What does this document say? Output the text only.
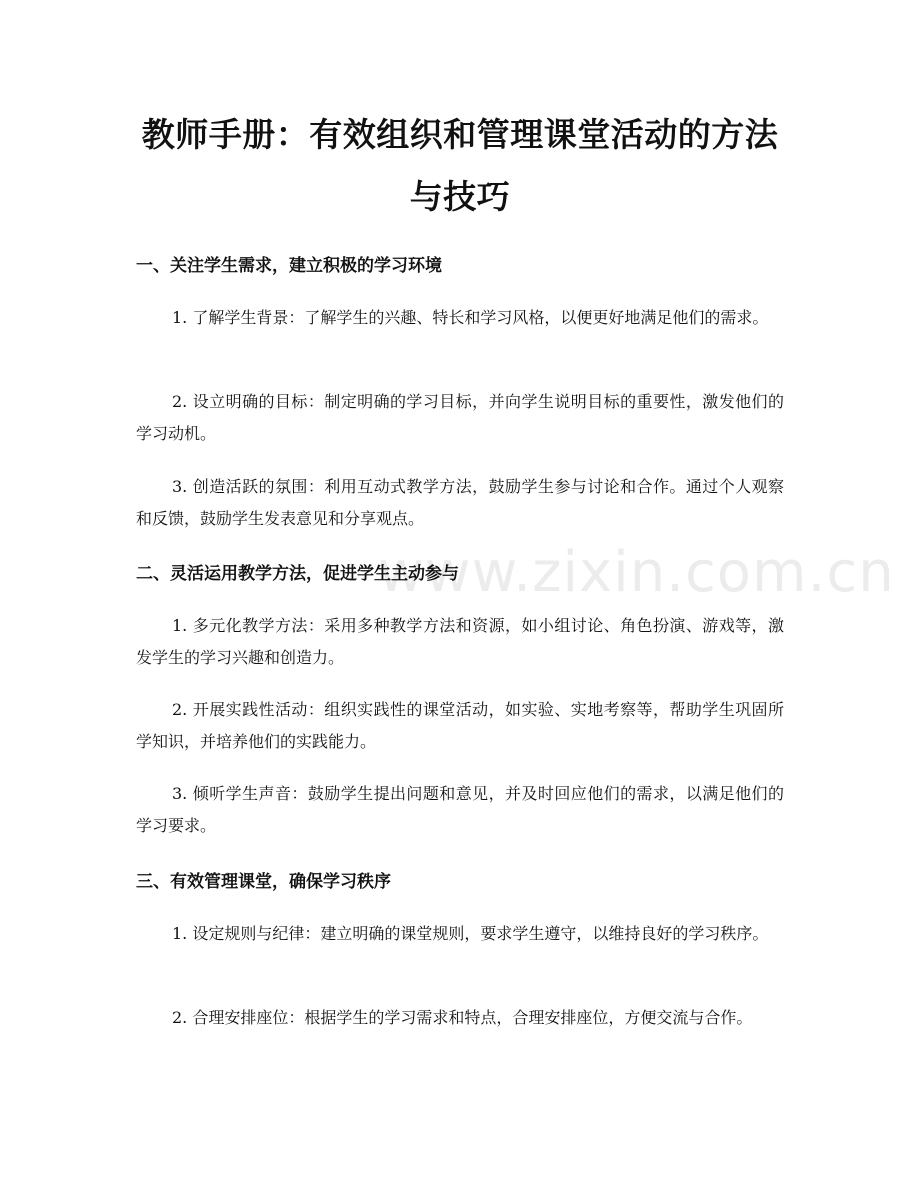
教师手册：有效组织和管理课堂活动的方法与技巧
www.zixin.com.cn
一、关注学生需求，建立积极的学习环境

1. 了解学生背景：了解学生的兴趣、特长和学习风格，以便更好地满足他们的需求。

2. 设立明确的目标：制定明确的学习目标，并向学生说明目标的重要性，激发他们的学习动机。

3. 创造活跃的氛围：利用互动式教学方法，鼓励学生参与讨论和合作。通过个人观察和反馈，鼓励学生发表意见和分享观点。

二、灵活运用教学方法，促进学生主动参与

1. 多元化教学方法：采用多种教学方法和资源，如小组讨论、角色扮演、游戏等，激发学生的学习兴趣和创造力。

2. 开展实践性活动：组织实践性的课堂活动，如实验、实地考察等，帮助学生巩固所学知识，并培养他们的实践能力。

3. 倾听学生声音：鼓励学生提出问题和意见，并及时回应他们的需求，以满足他们的学习要求。

三、有效管理课堂，确保学习秩序

1. 设定规则与纪律：建立明确的课堂规则，要求学生遵守，以维持良好的学习秩序。

2. 合理安排座位：根据学生的学习需求和特点，合理安排座位，方便交流与合作。
